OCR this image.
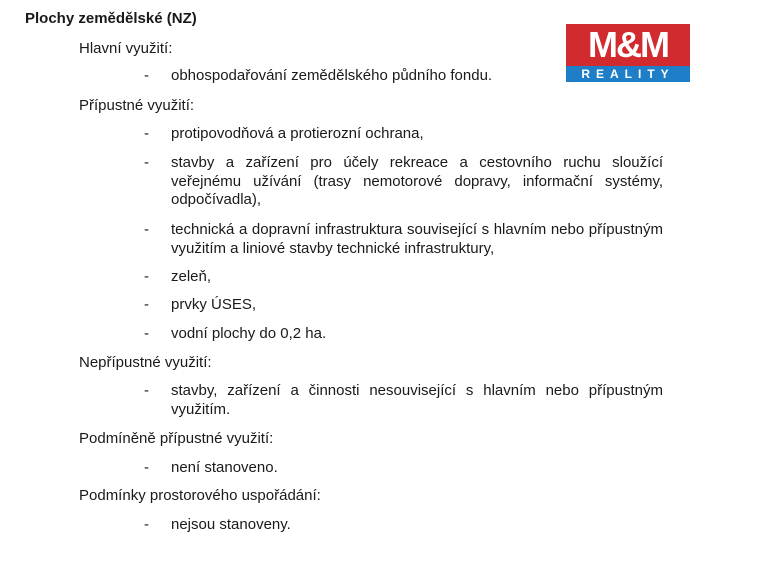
Plochy zemědělské (NZ)
M&M
REALITY
Hlavní využití:
- obhospodařování zemědělského půdního fondu.
Přípustné využití:
- protipovodňová a protierozní ochrana,
- stavby a zařízení pro účely rekreace a cestovního ruchu sloužící veřejnému užívání (trasy nemotorové dopravy, informační systémy, odpočívadla),
- technická a dopravní infrastruktura související s hlavním nebo přípustným využitím a liniové stavby technické infrastruktury,
- zeleň,
- prvky ÚSES,
- vodní plochy do 0,2 ha.
Nepřípustné využití:
- stavby, zařízení a činnosti nesouvisející s hlavním nebo přípustným využitím.
Podmíněně přípustné využití:
- není stanoveno.
Podmínky prostorového uspořádání:
- nejsou stanoveny.
